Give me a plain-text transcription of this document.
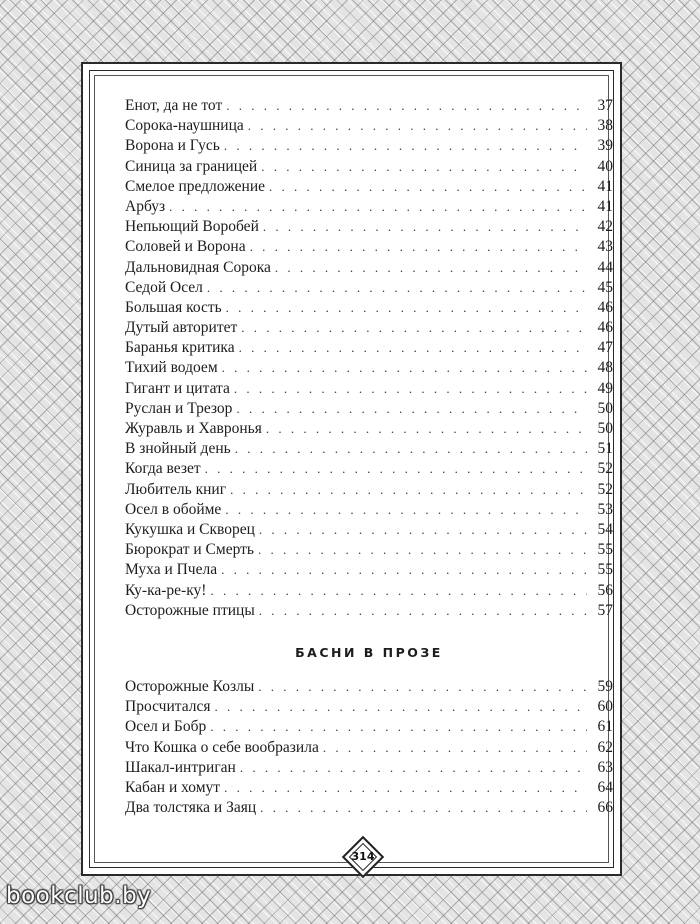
Енот, да не тот . . .	37
Сорока-наушница . . .	38
Ворона и Гусь . . .	39
Синица за границей . . .	40
Смелое предложение . . .	41
Арбуз . . .	41
Непьющий Воробей . . .	42
Соловей и Ворона . . .	43
Дальновидная Сорока . . .	44
Седой Осел . . .	45
Большая кость . . .	46
Дутый авторитет . . .	46
Баранья критика . . .	47
Тихий водоем . . .	48
Гигант и цитата . . .	49
Руслан и Трезор . . .	50
Журавль и Хавронья . . .	50
В знойный день . . .	51
Когда везет . . .	52
Любитель книг . . .	52
Осел в обойме . . .	53
Кукушка и Скворец . . .	54
Бюрократ и Смерть . . .	55
Муха и Пчела . . .	55
Ку-ка-ре-ку! . . .	56
Осторожные птицы . . .	57
БАСНИ В ПРОЗЕ
Осторожные Козлы . . .	59
Просчитался . . .	60
Осел и Бобр . . .	61
Что Кошка о себе вообразила . . .	62
Шакал-интриган . . .	63
Кабан и хомут . . .	64
Два толстяка и Заяц . . .	66
314
bookclub.by
